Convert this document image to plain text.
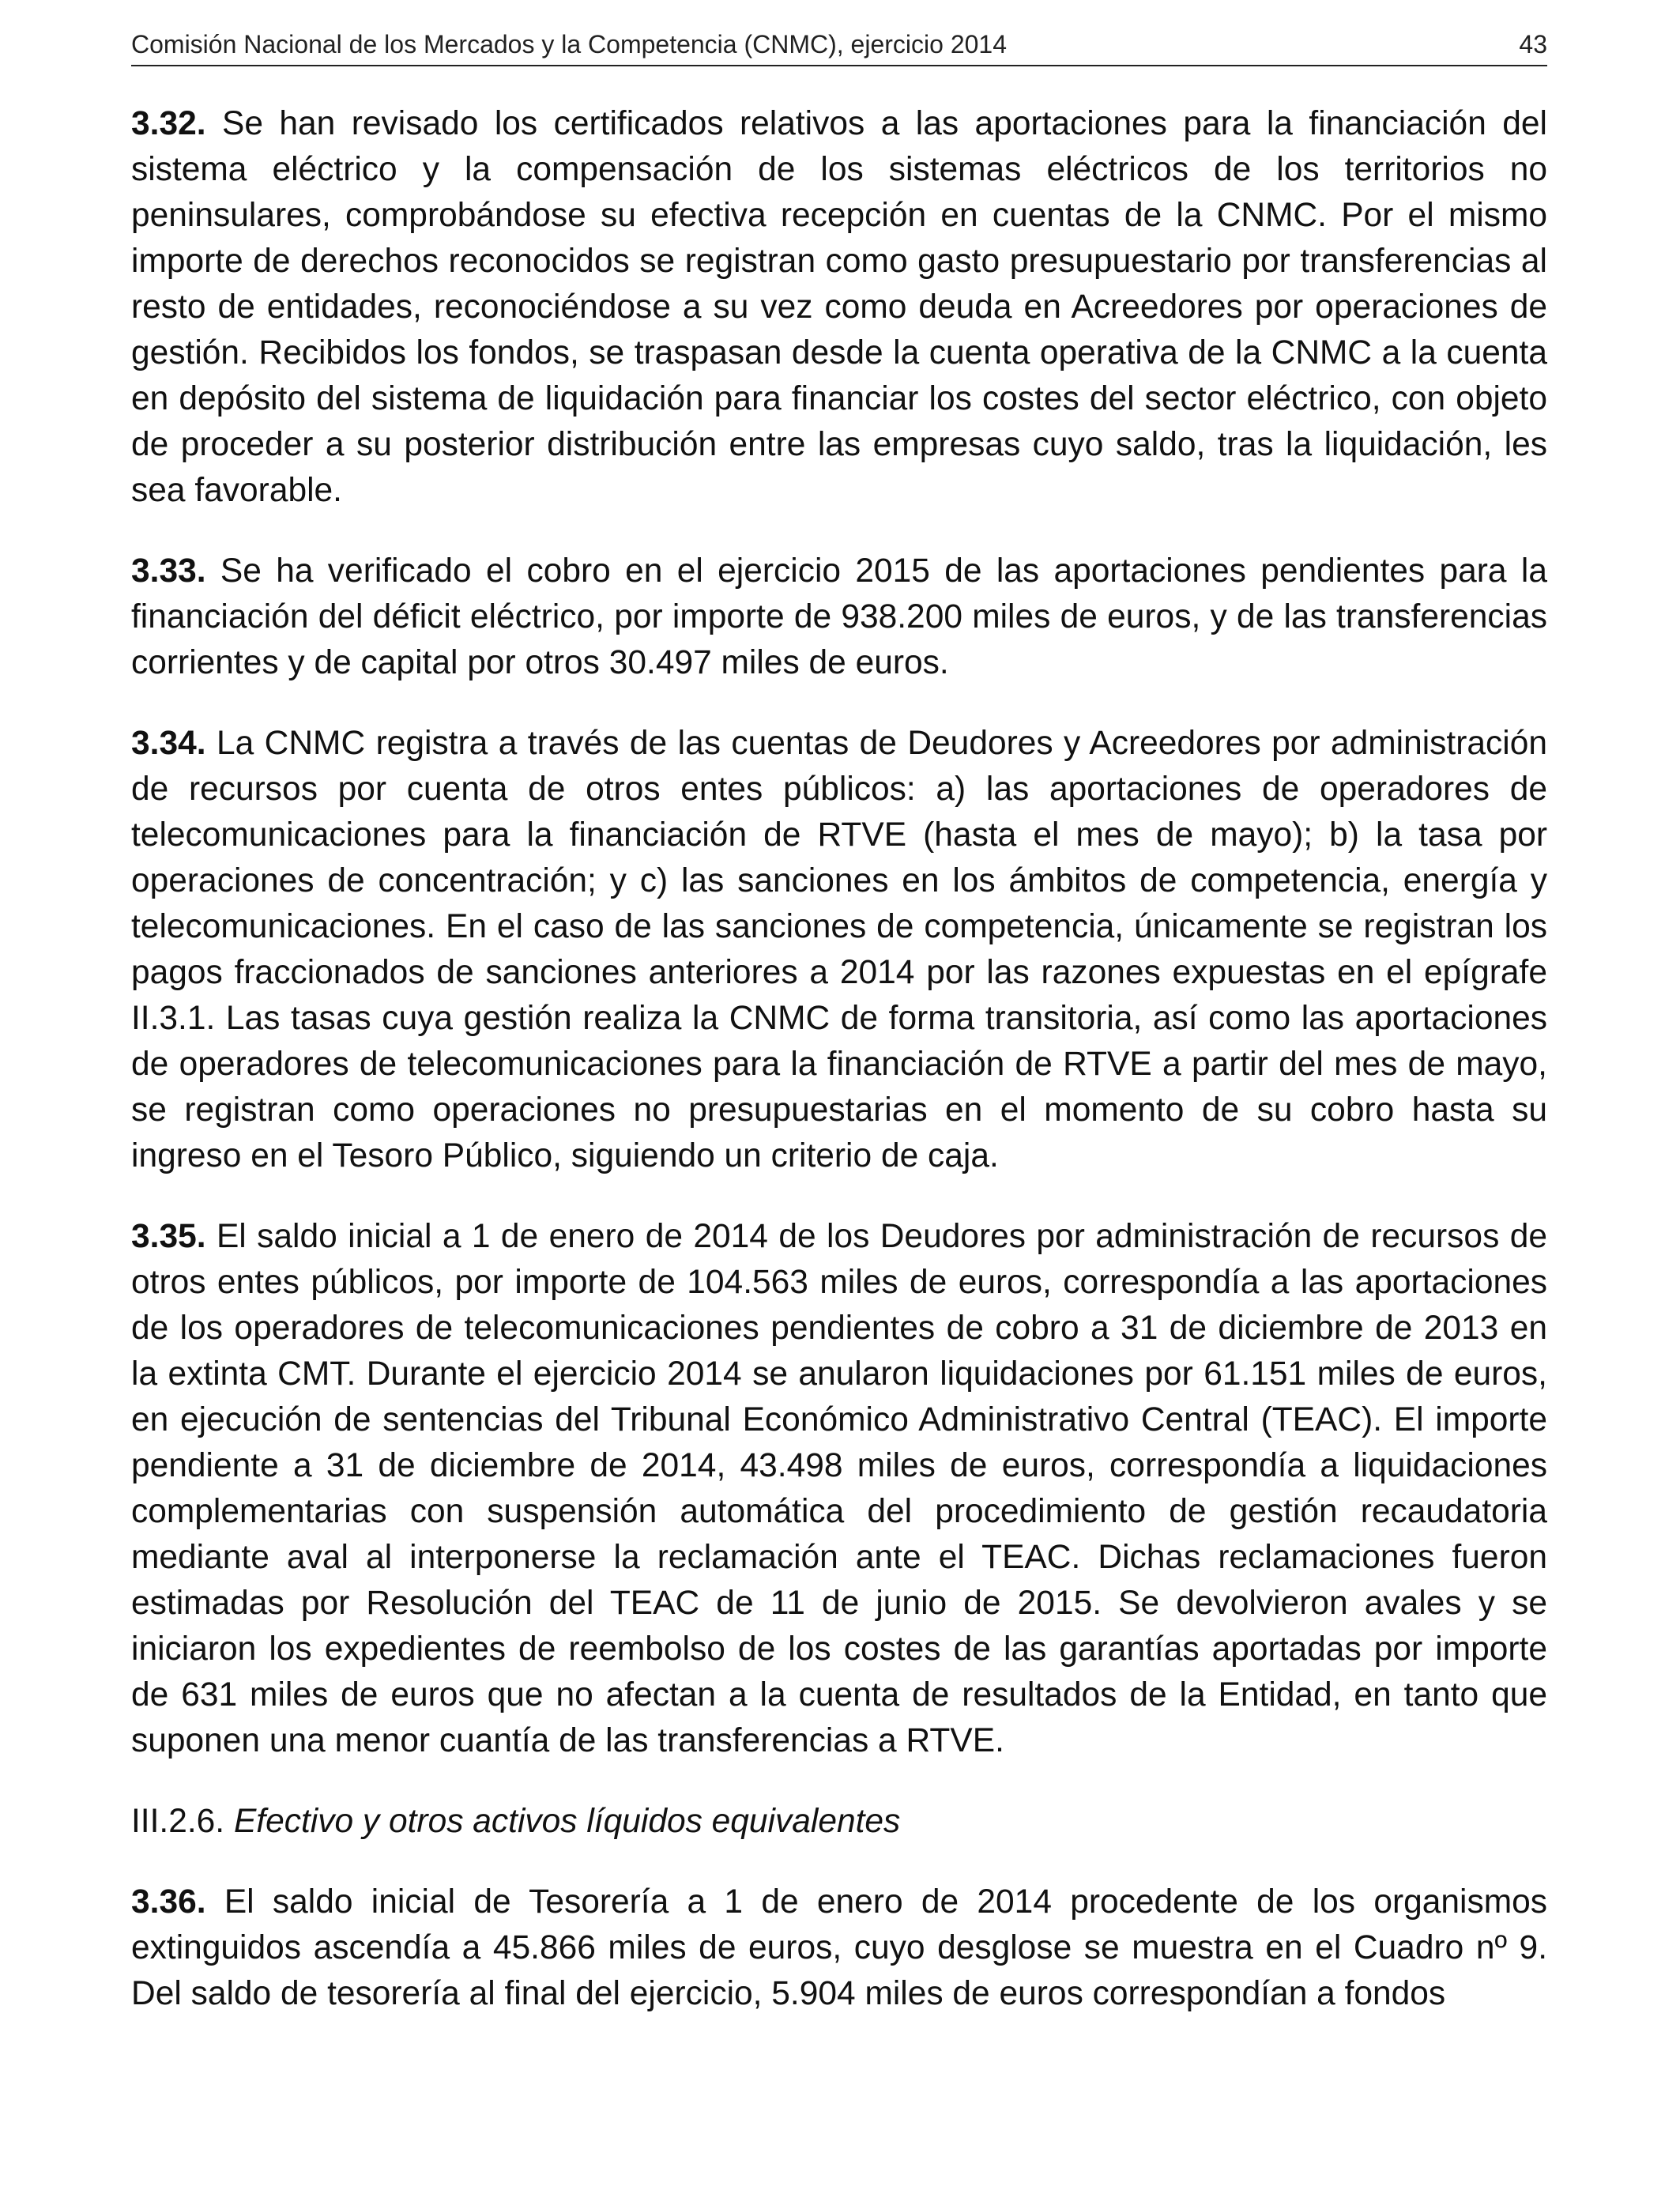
Comisión Nacional de los Mercados y la Competencia (CNMC), ejercicio 2014	43

3.32. Se han revisado los certificados relativos a las aportaciones para la financiación del sistema eléctrico y la compensación de los sistemas eléctricos de los territorios no peninsulares, comprobándose su efectiva recepción en cuentas de la CNMC. Por el mismo importe de derechos reconocidos se registran como gasto presupuestario por transferencias al resto de entidades, reconociéndose a su vez como deuda en Acreedores por operaciones de gestión. Recibidos los fondos, se traspasan desde la cuenta operativa de la CNMC a la cuenta en depósito del sistema de liquidación para financiar los costes del sector eléctrico, con objeto de proceder a su posterior distribución entre las empresas cuyo saldo, tras la liquidación, les sea favorable.

3.33. Se ha verificado el cobro en el ejercicio 2015 de las aportaciones pendientes para la financiación del déficit eléctrico, por importe de 938.200 miles de euros, y de las transferencias corrientes y de capital por otros 30.497 miles de euros.

3.34. La CNMC registra a través de las cuentas de Deudores y Acreedores por administración de recursos por cuenta de otros entes públicos: a) las aportaciones de operadores de telecomunicaciones para la financiación de RTVE (hasta el mes de mayo); b) la tasa por operaciones de concentración; y c) las sanciones en los ámbitos de competencia, energía y telecomunicaciones. En el caso de las sanciones de competencia, únicamente se registran los pagos fraccionados de sanciones anteriores a 2014 por las razones expuestas en el epígrafe II.3.1. Las tasas cuya gestión realiza la CNMC de forma transitoria, así como las aportaciones de operadores de telecomunicaciones para la financiación de RTVE a partir del mes de mayo, se registran como operaciones no presupuestarias en el momento de su cobro hasta su ingreso en el Tesoro Público, siguiendo un criterio de caja.

3.35. El saldo inicial a 1 de enero de 2014 de los Deudores por administración de recursos de otros entes públicos, por importe de 104.563 miles de euros, correspondía a las aportaciones de los operadores de telecomunicaciones pendientes de cobro a 31 de diciembre de 2013 en la extinta CMT. Durante el ejercicio 2014 se anularon liquidaciones por 61.151 miles de euros, en ejecución de sentencias del Tribunal Económico Administrativo Central (TEAC). El importe pendiente a 31 de diciembre de 2014, 43.498 miles de euros, correspondía a liquidaciones complementarias con suspensión automática del procedimiento de gestión recaudatoria mediante aval al interponerse la reclamación ante el TEAC. Dichas reclamaciones fueron estimadas por Resolución del TEAC de 11 de junio de 2015. Se devolvieron avales y se iniciaron los expedientes de reembolso de los costes de las garantías aportadas por importe de 631 miles de euros que no afectan a la cuenta de resultados de la Entidad, en tanto que suponen una menor cuantía de las transferencias a RTVE.

III.2.6. Efectivo y otros activos líquidos equivalentes

3.36. El saldo inicial de Tesorería a 1 de enero de 2014 procedente de los organismos extinguidos ascendía a 45.866 miles de euros, cuyo desglose se muestra en el Cuadro nº 9. Del saldo de tesorería al final del ejercicio, 5.904 miles de euros correspondían a fondos
